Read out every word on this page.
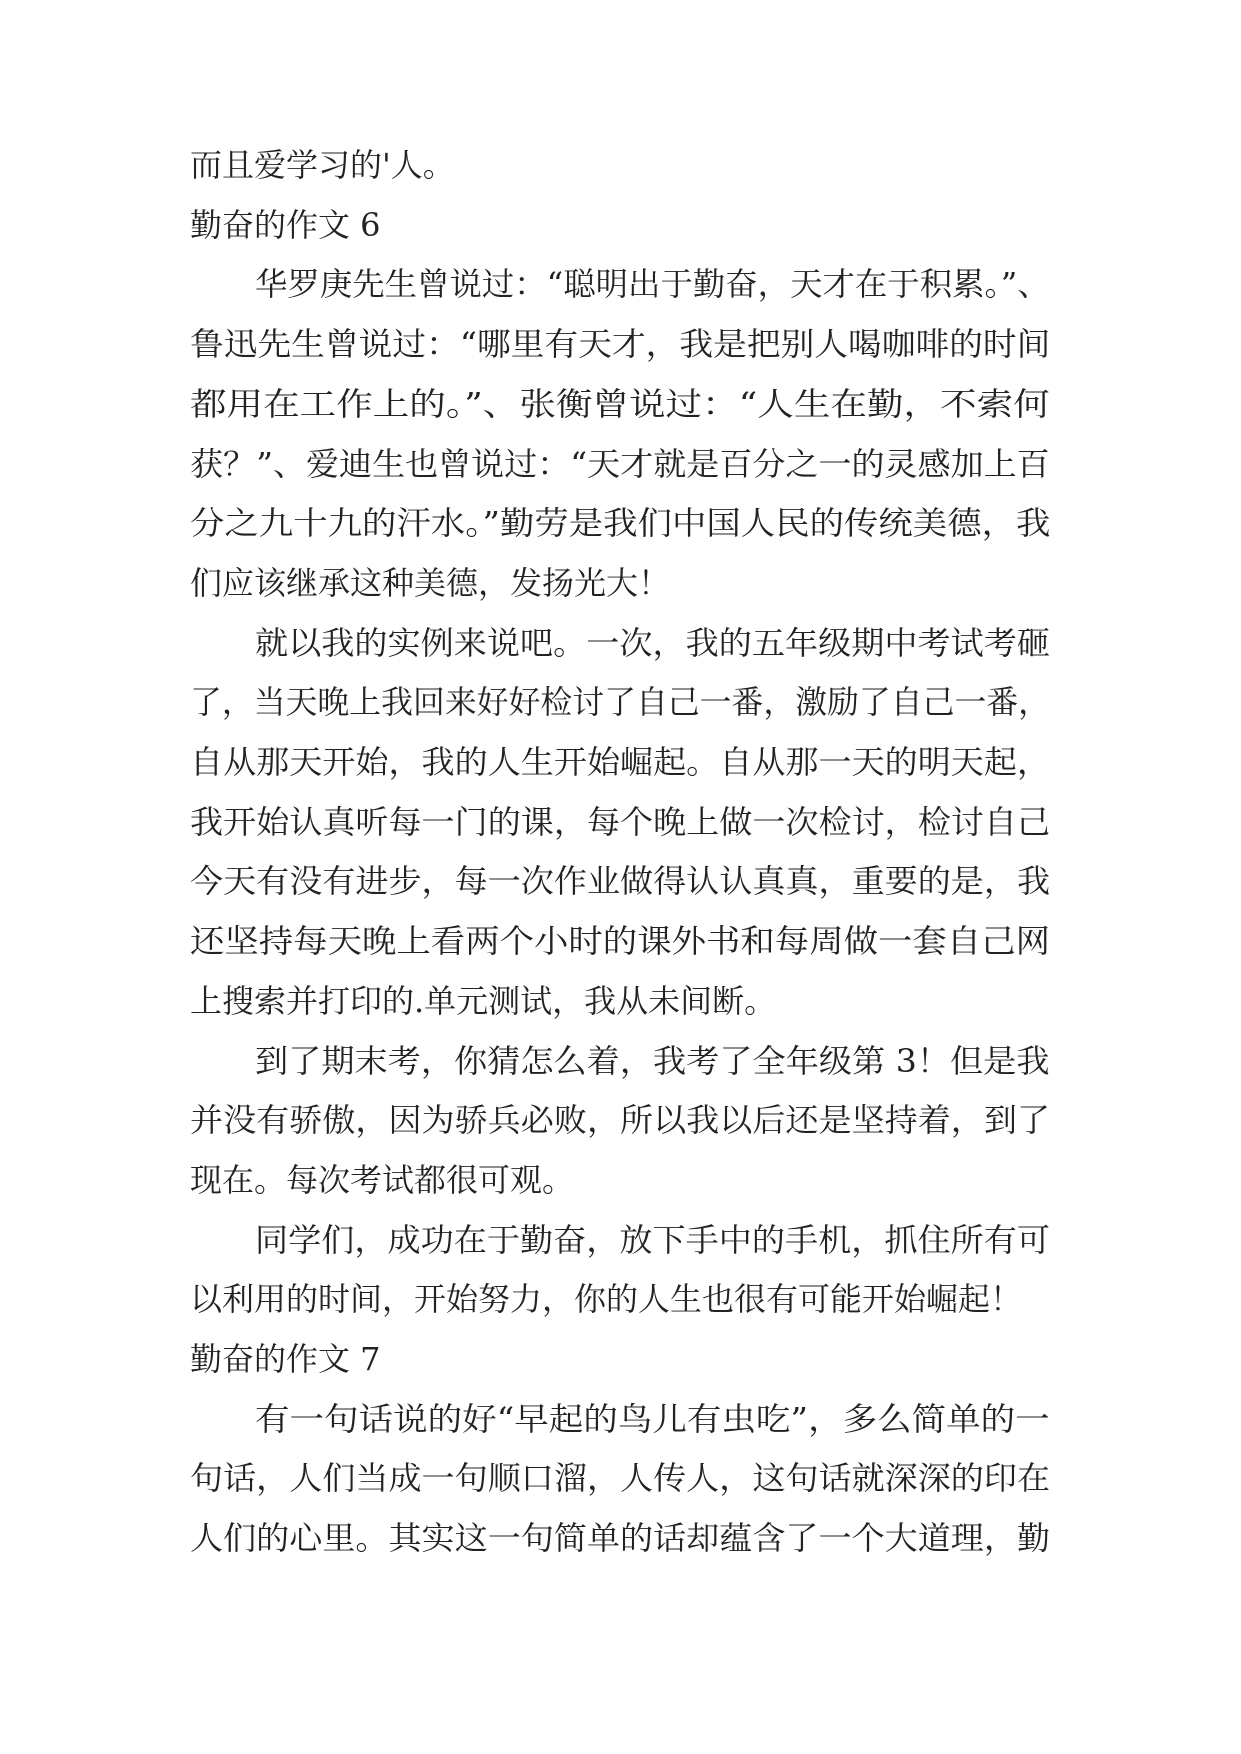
而且爱学习的'人。
勤奋的作文 6
华罗庚先生曾说过：“聪明出于勤奋，天才在于积累。”、
鲁迅先生曾说过：“哪里有天才，我是把别人喝咖啡的时间
都用在工作上的。”、张衡曾说过：“人生在勤，不索何
获？”、爱迪生也曾说过：“天才就是百分之一的灵感加上百
分之九十九的汗水。”勤劳是我们中国人民的传统美德，我
们应该继承这种美德，发扬光大！
就以我的实例来说吧。一次，我的五年级期中考试考砸
了，当天晚上我回来好好检讨了自己一番，激励了自己一番，
自从那天开始，我的人生开始崛起。自从那一天的明天起，
我开始认真听每一门的课，每个晚上做一次检讨，检讨自己
今天有没有进步，每一次作业做得认认真真，重要的是，我
还坚持每天晚上看两个小时的课外书和每周做一套自己网
上搜索并打印的.单元测试，我从未间断。
到了期末考，你猜怎么着，我考了全年级第 3！但是我
并没有骄傲，因为骄兵必败，所以我以后还是坚持着，到了
现在。每次考试都很可观。
同学们，成功在于勤奋，放下手中的手机，抓住所有可
以利用的时间，开始努力，你的人生也很有可能开始崛起！
勤奋的作文 7
有一句话说的好“早起的鸟儿有虫吃”，多么简单的一
句话，人们当成一句顺口溜，人传人，这句话就深深的印在
人们的心里。其实这一句简单的话却蕴含了一个大道理，勤
